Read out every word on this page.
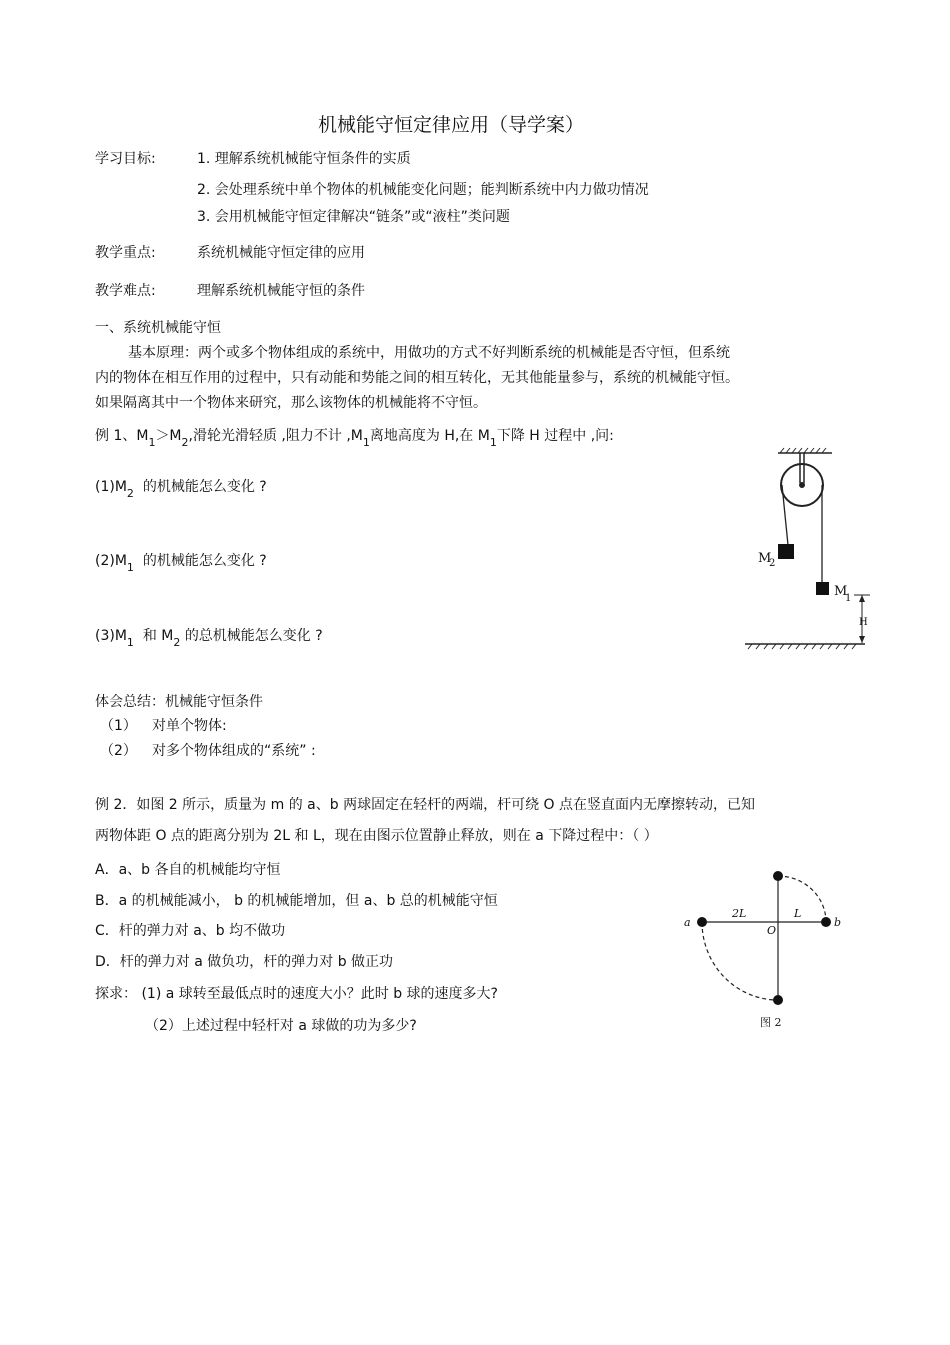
机械能守恒定律应用（导学案）
学习目标:	1. 理解系统机械能守恒条件的实质
2. 会处理系统中单个物体的机械能变化问题；能判断系统中内力做功情况
3. 会用机械能守恒定律解决“链条”或“液柱”类问题
教学重点:	系统机械能守恒定律的应用
教学难点:	理解系统机械能守恒的条件
一、系统机械能守恒
基本原理：两个或多个物体组成的系统中，用做功的方式不好判断系统的机械能是否守恒，但系统
内的物体在相互作用的过程中，只有动能和势能之间的相互转化，无其他能量参与，系统的机械能守恒。
如果隔离其中一个物体来研究，那么该物体的机械能将不守恒。
例 1、$M_1>M_2$,滑轮光滑轻质 ,阻力不计 $,M_1$离地高度为 H,在 $M_1$下降 H 过程中 ,问:
$(1)M_2$ 的机械能怎么变化 ?
$(2)M_1$ 的机械能怎么变化 ?
$(3)M_1$ 和 $M_2$ 的总机械能怎么变化 ?
M
2
M
1
H
体会总结：机械能守恒条件
（1） 对单个物体:
（2） 对多个物体组成的“系统” :
例 2．如图 2 所示，质量为 m 的 a、b 两球固定在轻杆的两端，杆可绕 O 点在竖直面内无摩擦转动，已知
两物体距 O 点的距离分别为 2L 和 L，现在由图示位置静止释放，则在 a 下降过程中：（ ）
A．a、b 各自的机械能均守恒
B．a 的机械能减小， b 的机械能增加，但 a、b 总的机械能守恒
C．杆的弹力对 a、b 均不做功
D．杆的弹力对 a 做负功，杆的弹力对 b 做正功
探求： (1) a 球转至最低点时的速度大小？此时 b 球的速度多大?
（2）上述过程中轻杆对 a 球做的功为多少?
a	b
O
2L	L
图 2
